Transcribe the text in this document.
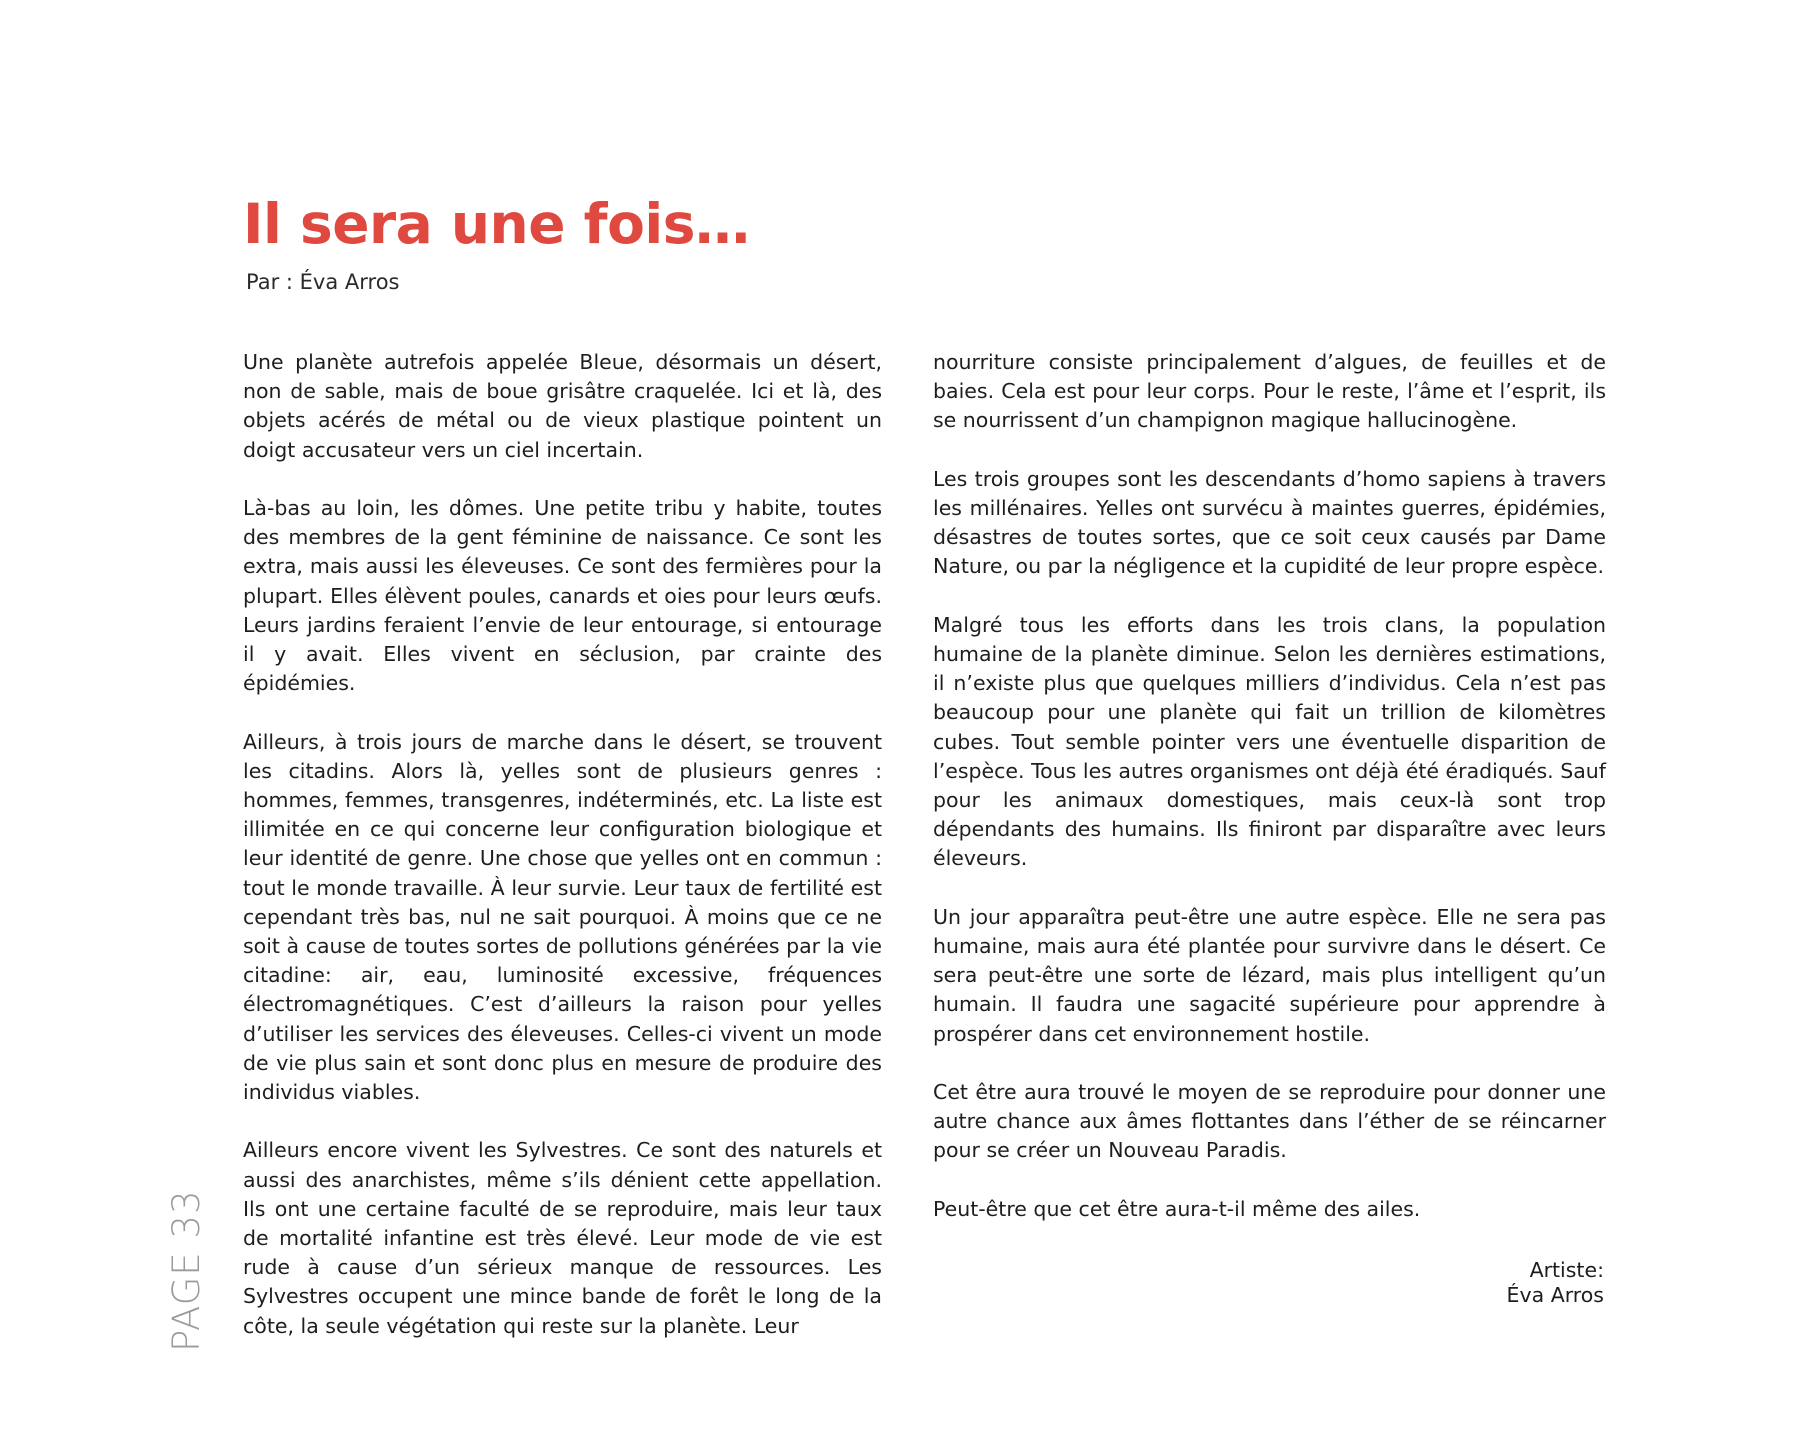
Il sera une fois…
Par : Éva Arros

Une planète autrefois appelée Bleue, désormais un désert, non de sable, mais de boue grisâtre craquelée. Ici et là, des objets acérés de métal ou de vieux plastique pointent un doigt accusateur vers un ciel incertain.

Là-bas au loin, les dômes. Une petite tribu y habite, toutes des membres de la gent féminine de naissance. Ce sont les extra, mais aussi les éleveuses. Ce sont des fermières pour la plupart. Elles élèvent poules, canards et oies pour leurs œufs. Leurs jardins feraient l’envie de leur entourage, si entourage il y avait. Elles vivent en séclusion, par crainte des épidémies.

Ailleurs, à trois jours de marche dans le désert, se trouvent les citadins. Alors là, yelles sont de plusieurs genres : hommes, femmes, transgenres, indéterminés, etc. La liste est illimitée en ce qui concerne leur configuration biologique et leur identité de genre. Une chose que yelles ont en commun : tout le monde travaille. À leur survie. Leur taux de fertilité est cependant très bas, nul ne sait pourquoi. À moins que ce ne soit à cause de toutes sortes de pollutions générées par la vie citadine: air, eau, luminosité excessive, fréquences électromagnétiques. C’est d’ailleurs la raison pour yelles d’utiliser les services des éleveuses. Celles-ci vivent un mode de vie plus sain et sont donc plus en mesure de produire des individus viables.

Ailleurs encore vivent les Sylvestres. Ce sont des naturels et aussi des anarchistes, même s’ils dénient cette appellation. Ils ont une certaine faculté de se reproduire, mais leur taux de mortalité infantine est très élevé. Leur mode de vie est rude à cause d’un sérieux manque de ressources. Les Sylvestres occupent une mince bande de forêt le long de la côte, la seule végétation qui reste sur la planète. Leur

nourriture consiste principalement d’algues, de feuilles et de baies. Cela est pour leur corps. Pour le reste, l’âme et l’esprit, ils se nourrissent d’un champignon magique hallucinogène.

Les trois groupes sont les descendants d’homo sapiens à travers les millénaires. Yelles ont survécu à maintes guerres, épidémies, désastres de toutes sortes, que ce soit ceux causés par Dame Nature, ou par la négligence et la cupidité de leur propre espèce.

Malgré tous les efforts dans les trois clans, la population humaine de la planète diminue. Selon les dernières estimations, il n’existe plus que quelques milliers d’individus. Cela n’est pas beaucoup pour une planète qui fait un trillion de kilomètres cubes. Tout semble pointer vers une éventuelle disparition de l’espèce. Tous les autres organismes ont déjà été éradiqués. Sauf pour les animaux domestiques, mais ceux-là sont trop dépendants des humains. Ils finiront par disparaître avec leurs éleveurs.

Un jour apparaîtra peut-être une autre espèce. Elle ne sera pas humaine, mais aura été plantée pour survivre dans le désert. Ce sera peut-être une sorte de lézard, mais plus intelligent qu’un humain. Il faudra une sagacité supérieure pour apprendre à prospérer dans cet environnement hostile.

Cet être aura trouvé le moyen de se reproduire pour donner une autre chance aux âmes flottantes dans l’éther de se réincarner pour se créer un Nouveau Paradis.

Peut-être que cet être aura-t-il même des ailes.

Artiste:
Éva Arros
PAGE 33
